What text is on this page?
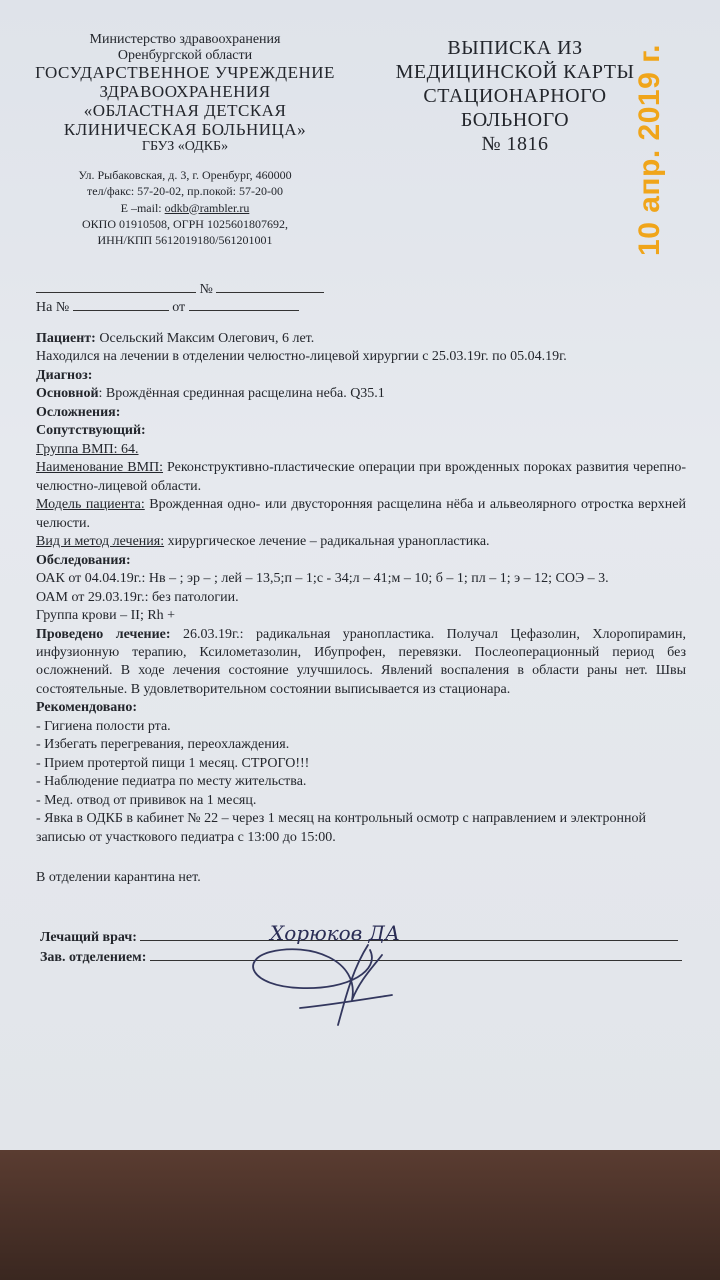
Министерство здравоохранения
Оренбургской области
ГОСУДАРСТВЕННОЕ УЧРЕЖДЕНИЕ
ЗДРАВООХРАНЕНИЯ
«ОБЛАСТНАЯ ДЕТСКАЯ
КЛИНИЧЕСКАЯ БОЛЬНИЦА»
ГБУЗ «ОДКБ»
Ул. Рыбаковская, д. 3, г. Оренбург, 460000
тел/факс: 57-20-02, пр.покой: 57-20-00
E –mail: odkb@rambler.ru
ОКПО 01910508, ОГРН 1025601807692,
ИНН/КПП 5612019180/561201001
ВЫПИСКА ИЗ
МЕДИЦИНСКОЙ КАРТЫ
СТАЦИОНАРНОГО
БОЛЬНОГО
№ 1816	10 апр. 2019 г.
№
На №	от

Пациент: Осельский Максим Олегович, 6 лет.

Находился на лечении в отделении челюстно-лицевой хирургии с 25.03.19г. по 05.04.19г.

Диагноз:

Основной: Врождённая срединная расщелина неба. Q35.1

Осложнения:

Сопутствующий:

Группа ВМП: 64.

Наименование ВМП: Реконструктивно-пластические операции при врожденных пороках развития черепно-челюстно-лицевой области.

Модель пациента: Врожденная одно- или двусторонняя расщелина нёба и альвеолярного отростка верхней челюсти.

Вид и метод лечения: хирургическое лечение – радикальная уранопластика.

Обследования:

ОАК от 04.04.19г.: Нв – ; эр – ; лей – 13,5;п – 1;с - 34;л – 41;м – 10; б – 1; пл – 1; э – 12; СОЭ – 3.

ОАМ от 29.03.19г.: без патологии.

Группа крови – II; Rh +

Проведено лечение: 26.03.19г.: радикальная уранопластика. Получал Цефазолин, Хлоропирамин, инфузионную терапию, Ксилометазолин, Ибупрофен, перевязки. Послеоперационный период без осложнений. В ходе лечения состояние улучшилось. Явлений воспаления в области раны нет. Швы состоятельные. В удовлетворительном состоянии выписывается из стационара.

Рекомендовано:

- Гигиена полости рта.

- Избегать перегревания, переохлаждения.

- Прием протертой пищи 1 месяц. СТРОГО!!!

- Наблюдение педиатра по месту жительства.

- Мед. отвод от прививок на 1 месяц.

- Явка в ОДКБ в кабинет № 22 – через 1 месяц на контрольный осмотр с направлением и электронной записью от участкового педиатра с 13:00 до 15:00.

В отделении карантина нет.

Лечащий врач:
Зав. отделением:
Хорюков ДА
